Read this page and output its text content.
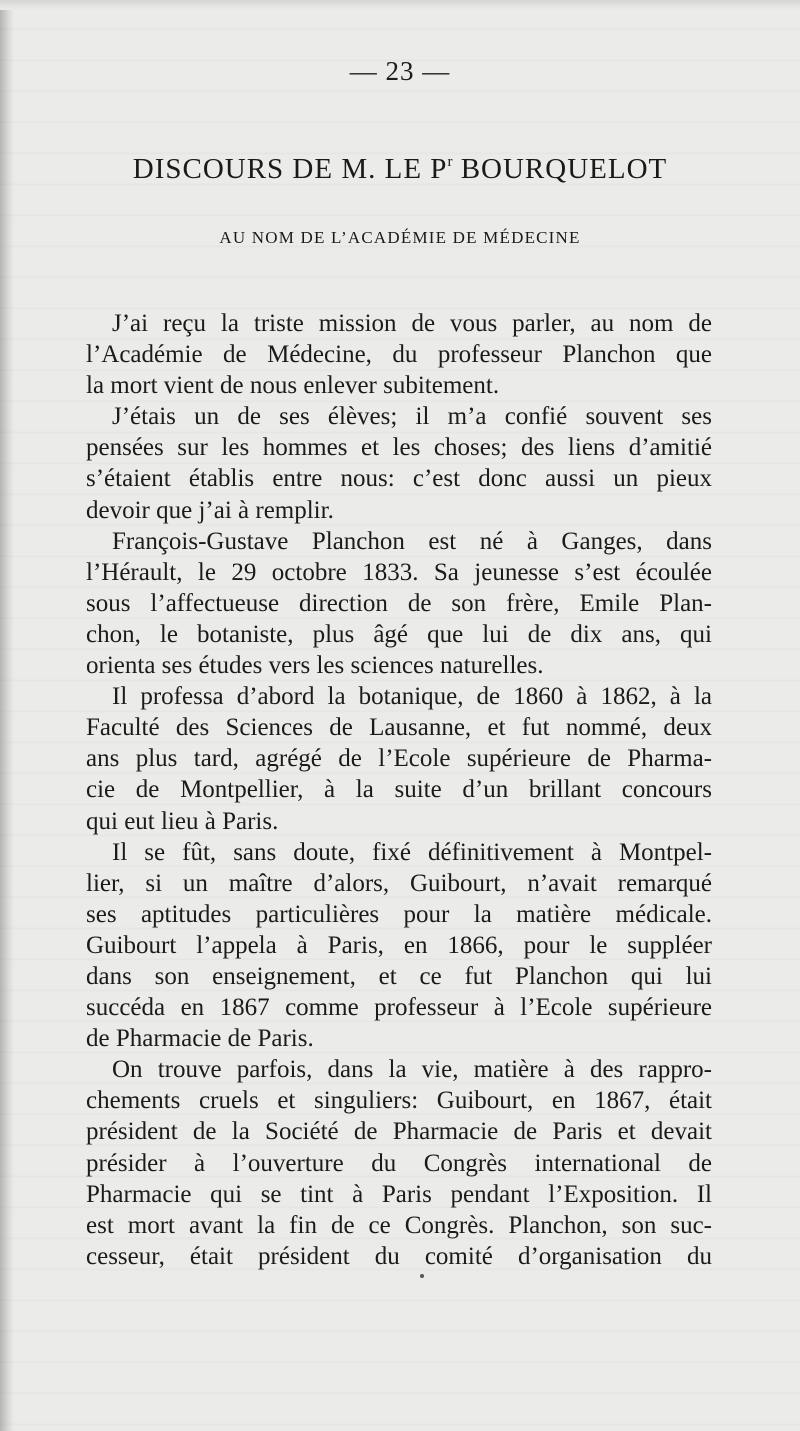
— 23 —
DISCOURS DE M. LE $P^r$ BOURQUELOT
AU NOM DE L’ACADÉMIE DE MÉDECINE
J’ai reçu la triste mission de vous parler, au nom de
l’Académie de Médecine, du professeur Planchon que
la mort vient de nous enlever subitement.
J’étais un de ses élèves; il m’a confié souvent ses
pensées sur les hommes et les choses; des liens d’amitié
s’étaient établis entre nous: c’est donc aussi un pieux
devoir que j’ai à remplir.
François-Gustave Planchon est né à Ganges, dans
l’Hérault, le 29 octobre 1833. Sa jeunesse s’est écoulée
sous l’affectueuse direction de son frère, Emile Plan-
chon, le botaniste, plus âgé que lui de dix ans, qui
orienta ses études vers les sciences naturelles.
Il professa d’abord la botanique, de 1860 à 1862, à la
Faculté des Sciences de Lausanne, et fut nommé, deux
ans plus tard, agrégé de l’Ecole supérieure de Pharma-
cie de Montpellier, à la suite d’un brillant concours
qui eut lieu à Paris.
Il se fût, sans doute, fixé définitivement à Montpel-
lier, si un maître d’alors, Guibourt, n’avait remarqué
ses aptitudes particulières pour la matière médicale.
Guibourt l’appela à Paris, en 1866, pour le suppléer
dans son enseignement, et ce fut Planchon qui lui
succéda en 1867 comme professeur à l’Ecole supérieure
de Pharmacie de Paris.
On trouve parfois, dans la vie, matière à des rappro-
chements cruels et singuliers: Guibourt, en 1867, était
président de la Société de Pharmacie de Paris et devait
présider à l’ouverture du Congrès international de
Pharmacie qui se tint à Paris pendant l’Exposition. Il
est mort avant la fin de ce Congrès. Planchon, son suc-
cesseur, était président du comité d’organisation du
